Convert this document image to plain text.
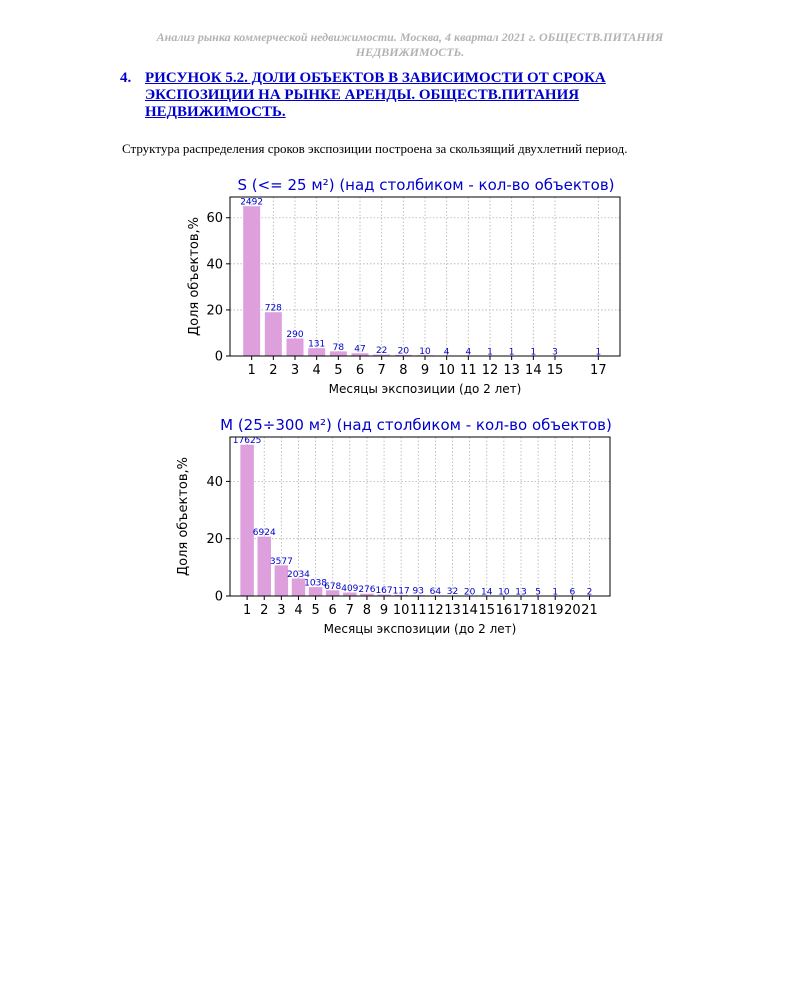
Анализ рынка коммерческой недвижимости. Москва, 4 квартал 2021 г. ОБЩЕСТВ.ПИТАНИЯ
НЕДВИЖИМОСТЬ.
4. РИСУНОК 5.2. ДОЛИ ОБЪЕКТОВ В ЗАВИСИМОСТИ ОТ СРОКА ЭКСПОЗИЦИИ НА РЫНКЕ АРЕНДЫ. ОБЩЕСТВ.ПИТАНИЯ НЕДВИЖИМОСТЬ.
Структура распределения сроков экспозиции построена за скользящий двухлетний период.
2492
728
290
131 78 47 22 20 10 4 4 1 1 1 3	1
1 2 3 4 5 6 7 8 9 10 11 12 13 14 15 17
0
20
40
60
S (<= 25 м²) (над столбиком - кол-во объектов)
Месяцы экспозиции (до 2 лет)
Доля объектов,%
17625
6924
3577
2034
1038
678 409 276 167 117 93 64 32 20 14 10 13 5 1 6 2
1 2 3 4 5 6 7 8 9 10 11 12 13 14 15 16 17 18 19 20 21
0
20
40
M (25÷300 м²) (над столбиком - кол-во объектов)
Месяцы экспозиции (до 2 лет)
Доля объектов,%
